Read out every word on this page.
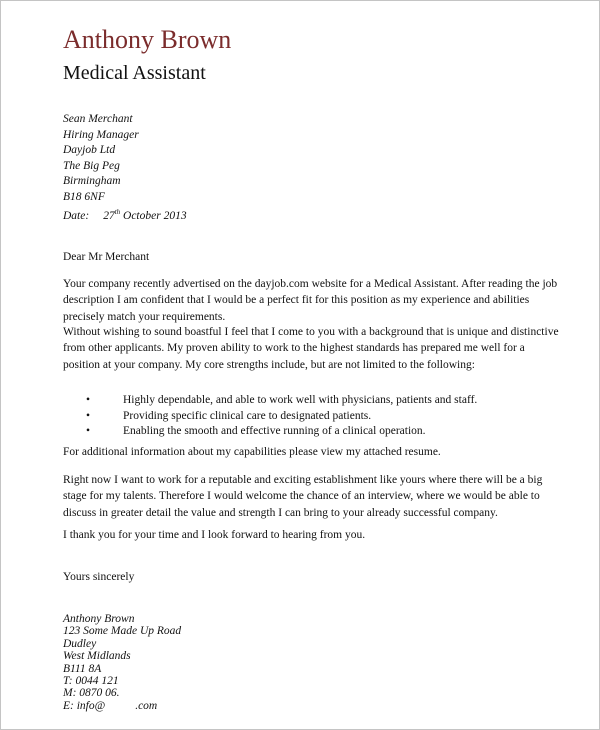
Anthony Brown
Medical Assistant
Sean Merchant
Hiring Manager
Dayjob Ltd
The Big Peg
Birmingham
B18 6NF
Date: 27th October 2013
Dear Mr Merchant
Your company recently advertised on the dayjob.com website for a Medical Assistant. After reading the job
description I am confident that I would be a perfect fit for this position as my experience and abilities
precisely match your requirements.
Without wishing to sound boastful I feel that I come to you with a background that is unique and distinctive
from other applicants. My proven ability to work to the highest standards has prepared me well for a
position at your company. My core strengths include, but are not limited to the following:
•	Highly dependable, and able to work well with physicians, patients and staff.
•	Providing specific clinical care to designated patients.
•	Enabling the smooth and effective running of a clinical operation.
For additional information about my capabilities please view my attached resume.
Right now I want to work for a reputable and exciting establishment like yours where there will be a big
stage for my talents. Therefore I would welcome the chance of an interview, where we would be able to
discuss in greater detail the value and strength I can bring to your already successful company.
I thank you for your time and I look forward to hearing from you.
Yours sincerely
Anthony Brown
123 Some Made Up Road
Dudley
West Midlands
B111 8A
T: 0044 121
M: 0870 06.
E: info@	.com
